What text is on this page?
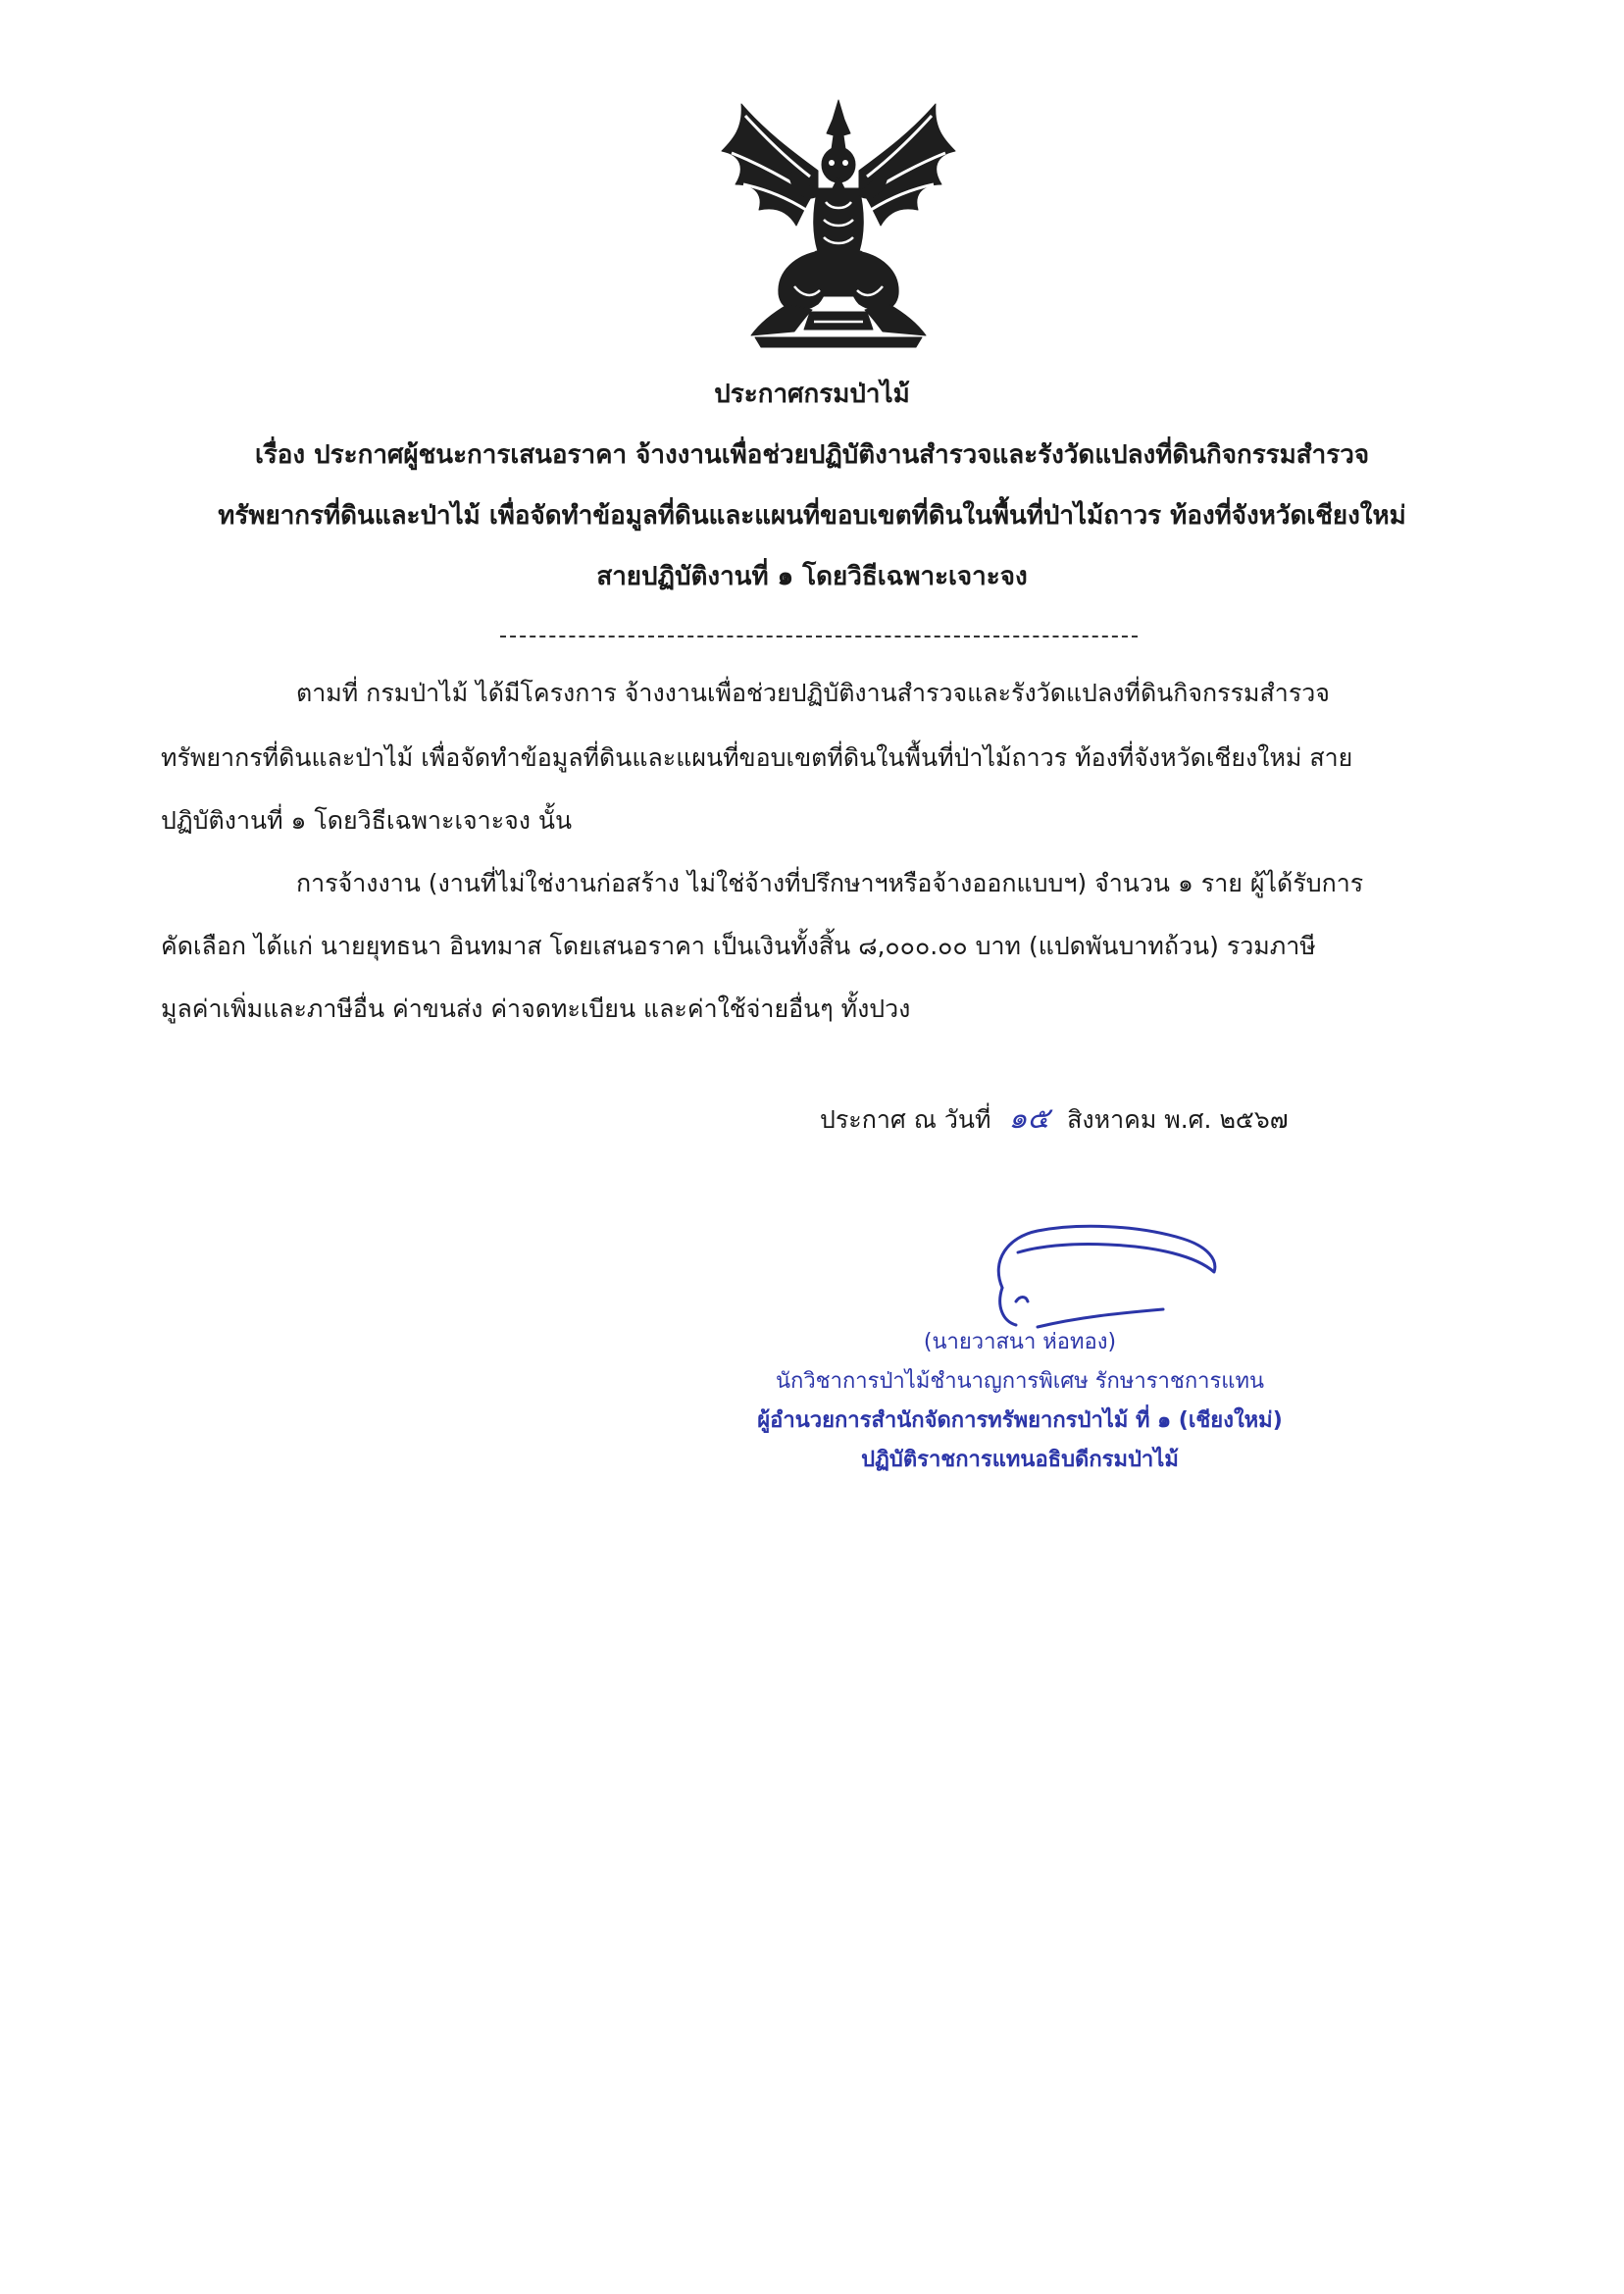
ประกาศกรมป่าไม้
เรื่อง ประกาศผู้ชนะการเสนอราคา จ้างงานเพื่อช่วยปฏิบัติงานสำรวจและรังวัดแปลงที่ดินกิจกรรมสำรวจ
ทรัพยากรที่ดินและป่าไม้ เพื่อจัดทำข้อมูลที่ดินและแผนที่ขอบเขตที่ดินในพื้นที่ป่าไม้ถาวร ท้องที่จังหวัดเชียงใหม่
สายปฏิบัติงานที่ ๑ โดยวิธีเฉพาะเจาะจง
ตามที่ กรมป่าไม้ ได้มีโครงการ จ้างงานเพื่อช่วยปฏิบัติงานสำรวจและรังวัดแปลงที่ดินกิจกรรมสำรวจ
ทรัพยากรที่ดินและป่าไม้ เพื่อจัดทำข้อมูลที่ดินและแผนที่ขอบเขตที่ดินในพื้นที่ป่าไม้ถาวร ท้องที่จังหวัดเชียงใหม่ สาย
ปฏิบัติงานที่ ๑ โดยวิธีเฉพาะเจาะจง นั้น
การจ้างงาน (งานที่ไม่ใช่งานก่อสร้าง ไม่ใช่จ้างที่ปรึกษาฯหรือจ้างออกแบบฯ) จำนวน ๑ ราย ผู้ได้รับการ
คัดเลือก ได้แก่ นายยุทธนา อินทมาส โดยเสนอราคา เป็นเงินทั้งสิ้น ๘,๐๐๐.๐๐ บาท (แปดพันบาทถ้วน) รวมภาษี
มูลค่าเพิ่มและภาษีอื่น ค่าขนส่ง ค่าจดทะเบียน และค่าใช้จ่ายอื่นๆ ทั้งปวง
ประกาศ ณ วันที่ ๑๕ สิงหาคม พ.ศ. ๒๕๖๗
(นายวาสนา ห่อทอง)
นักวิชาการป่าไม้ชำนาญการพิเศษ รักษาราชการแทน
ผู้อำนวยการสำนักจัดการทรัพยากรป่าไม้ ที่ ๑ (เชียงใหม่)
ปฏิบัติราชการแทนอธิบดีกรมป่าไม้
